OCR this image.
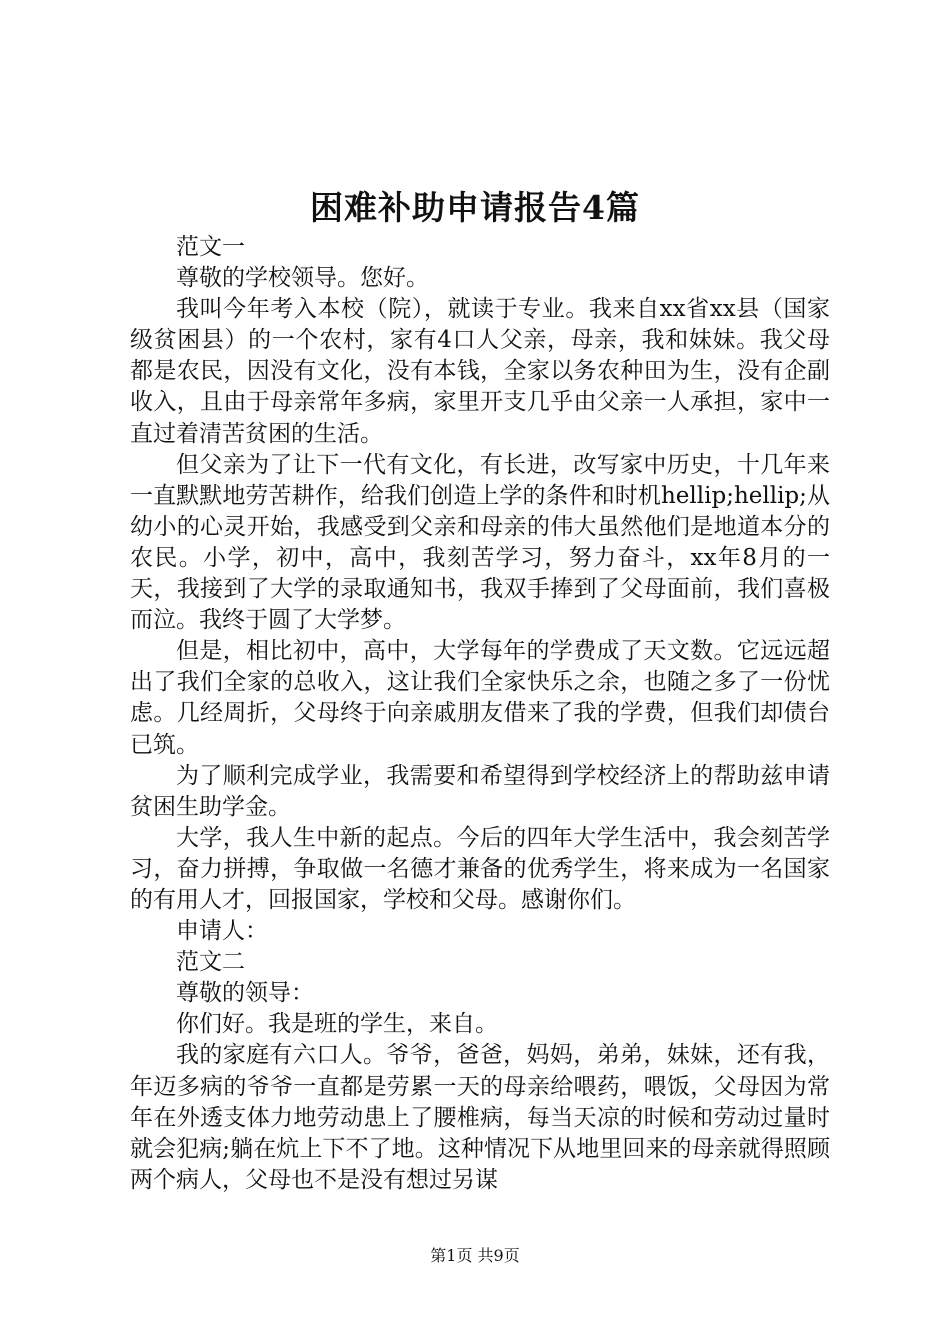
困难补助申请报告4篇

范文一

尊敬的学校领导。您好。

我叫今年考入本校（院），就读于专业。我来自xx省xx县（国家级贫困县）的一个农村，家有4口人父亲，母亲，我和妹妹。我父母都是农民，因没有文化，没有本钱，全家以务农种田为生，没有企副收入，且由于母亲常年多病，家里开支几乎由父亲一人承担，家中一直过着清苦贫困的生活。

但父亲为了让下一代有文化，有长进，改写家中历史，十几年来一直默默地劳苦耕作，给我们创造上学的条件和时机hellip;hellip;从幼小的心灵开始，我感受到父亲和母亲的伟大虽然他们是地道本分的农民。小学，初中，高中，我刻苦学习，努力奋斗，xx年8月的一天，我接到了大学的录取通知书，我双手捧到了父母面前，我们喜极而泣。我终于圆了大学梦。

但是，相比初中，高中，大学每年的学费成了天文数。它远远超出了我们全家的总收入，这让我们全家快乐之余，也随之多了一份忧虑。几经周折，父母终于向亲戚朋友借来了我的学费，但我们却债台已筑。

为了顺利完成学业，我需要和希望得到学校经济上的帮助兹申请贫困生助学金。

大学，我人生中新的起点。今后的四年大学生活中，我会刻苦学习，奋力拼搏，争取做一名德才兼备的优秀学生，将来成为一名国家的有用人才，回报国家，学校和父母。感谢你们。

申请人：

范文二

尊敬的领导：

你们好。我是班的学生，来自。

我的家庭有六口人。爷爷，爸爸，妈妈，弟弟，妹妹，还有我，年迈多病的爷爷一直都是劳累一天的母亲给喂药，喂饭，父母因为常年在外透支体力地劳动患上了腰椎病，每当天凉的时候和劳动过量时就会犯病;躺在炕上下不了地。这种情况下从地里回来的母亲就得照顾两个病人，父母也不是没有想过另谋

第1页 共9页
